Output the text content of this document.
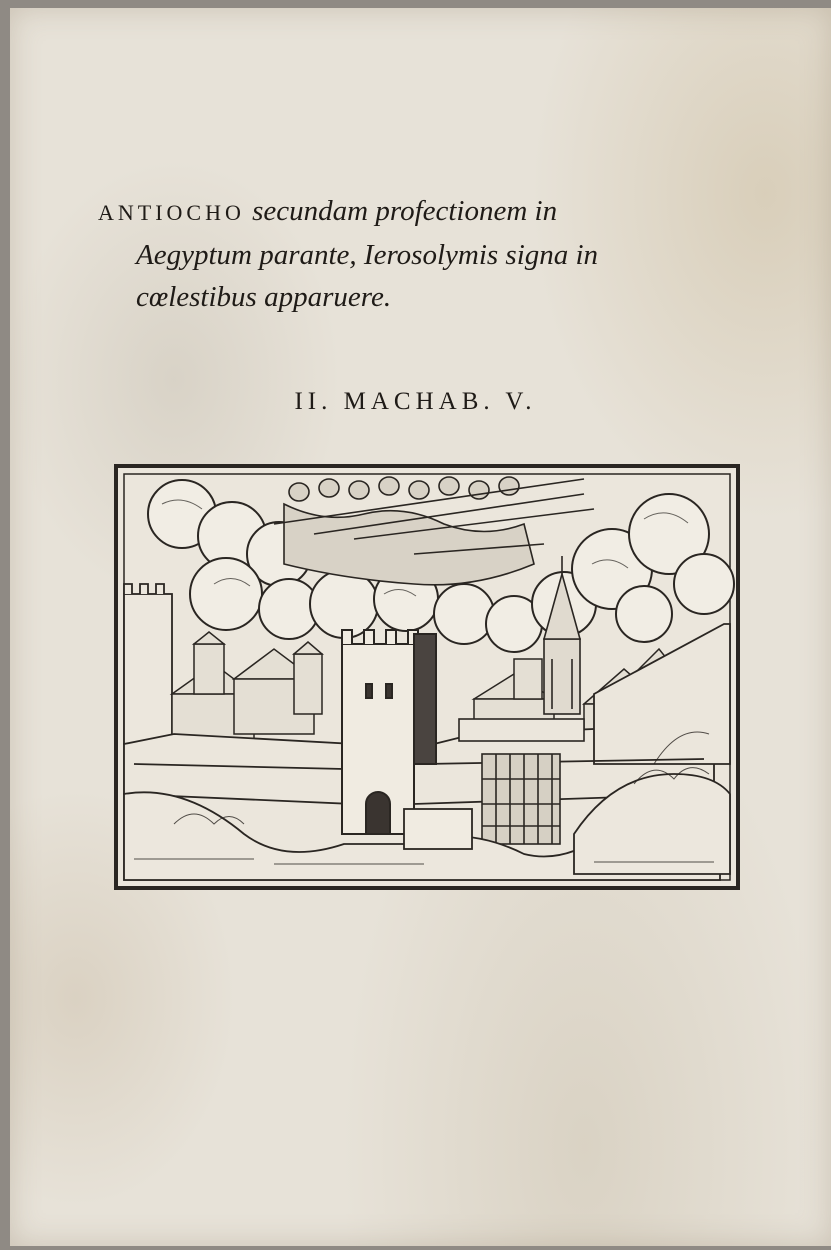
ANTIOCHO secundam profectionem in
Aegyptum parante, Ierosolymis signa in
cœlestibus apparuere.
II. MACHAB. V.
